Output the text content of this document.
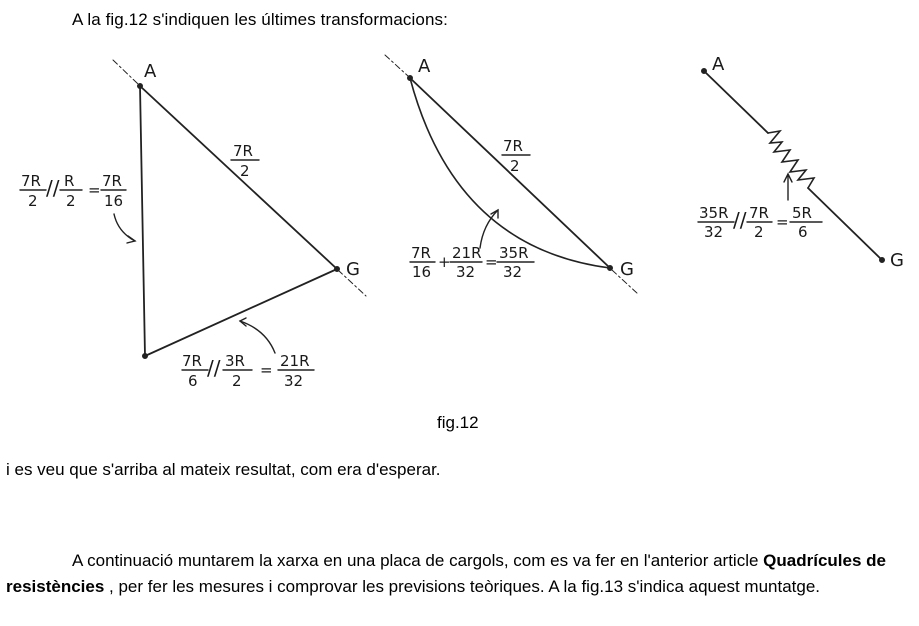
A la fig.12 s'indiquen les últimes transformacions:
A
G
7R
2
7R
2
// R
2
= 7R
16
7R
6
// 3R
2
= 21R
32
A
G
7R
2
7R
16
+ 21R
32
= 35R
32
A
G
35R
32 // 7R
2
= 5R
6
fig.12
i es veu que s'arriba al mateix resultat, com era d'esperar.
A continuació muntarem la xarxa en una placa de cargols, com es va fer en l'anterior article Quadrícules de resistències , per fer les mesures i comprovar les previsions teòriques. A la fig.13 s'indica aquest muntatge.
